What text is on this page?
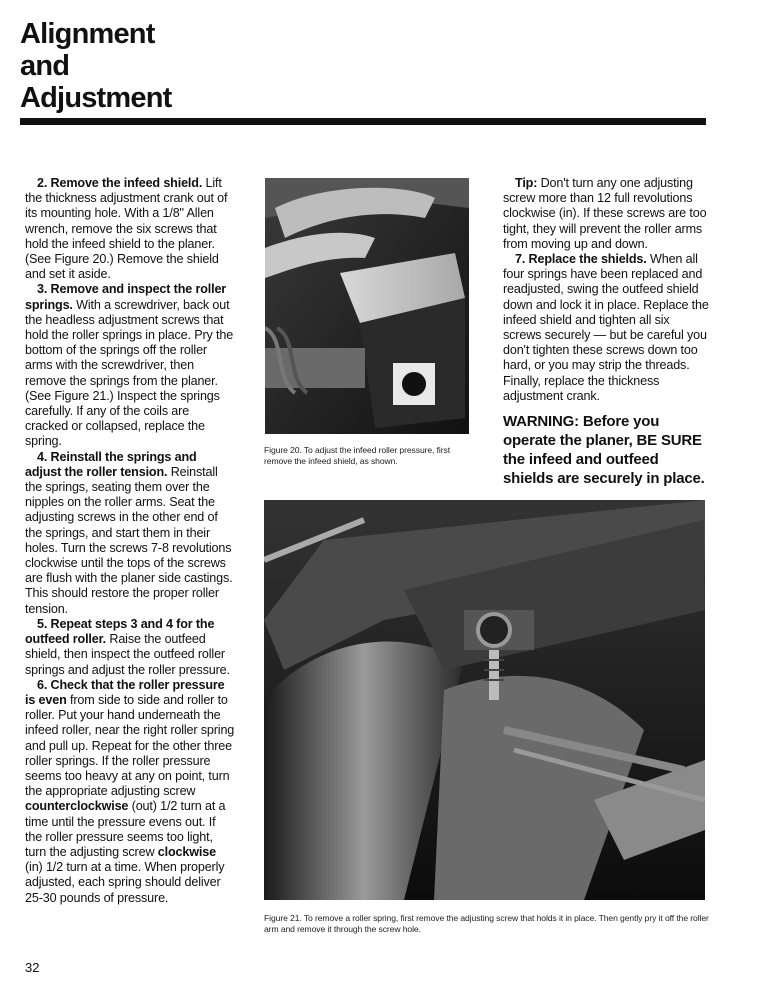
Alignment
and
Adjustment

2. Remove the infeed shield. Lift the thickness adjustment crank out of its mounting hole. With a 1/8" Allen wrench, remove the six screws that hold the infeed shield to the planer. (See Figure 20.) Remove the shield and set it aside.

3. Remove and inspect the roller springs. With a screwdriver, back out the headless adjustment screws that hold the roller springs in place. Pry the bottom of the springs off the roller arms with the screwdriver, then remove the springs from the planer. (See Figure 21.) Inspect the springs carefully. If any of the coils are cracked or collapsed, replace the spring.

4. Reinstall the springs and adjust the roller tension. Reinstall the springs, seating them over the nipples on the roller arms. Seat the adjusting screws in the other end of the springs, and start them in their holes. Turn the screws 7-8 revolutions clockwise until the tops of the screws are flush with the planer side castings. This should restore the proper roller tension.

5. Repeat steps 3 and 4 for the outfeed roller. Raise the outfeed shield, then inspect the outfeed roller springs and adjust the roller pressure.

6. Check that the roller pressure is even from side to side and roller to roller. Put your hand underneath the infeed roller, near the right roller spring and pull up. Repeat for the other three roller springs. If the roller pressure seems too heavy at any on point, turn the appropriate adjusting screw counterclockwise (out) 1/2 turn at a time until the pressure evens out. If the roller pressure seems too light, turn the adjusting screw clockwise (in) 1/2 turn at a time. When properly adjusted, each spring should deliver 25-30 pounds of pressure.

Figure 20. To adjust the infeed roller pressure, first remove the infeed shield, as shown.

Tip: Don't turn any one adjusting screw more than 12 full revolutions clockwise (in). If these screws are too tight, they will prevent the roller arms from moving up and down.

7. Replace the shields. When all four springs have been replaced and readjusted, swing the outfeed shield down and lock it in place. Replace the infeed shield and tighten all six screws securely — but be careful you don't tighten these screws down too hard, or you may strip the threads. Finally, replace the thickness adjustment crank.

WARNING: Before you operate the planer, BE SURE the infeed and outfeed shields are securely in place.
Figure 21. To remove a roller spring, first remove the adjusting screw that holds it in place. Then gently pry it off the roller arm and remove it through the screw hole.
32
